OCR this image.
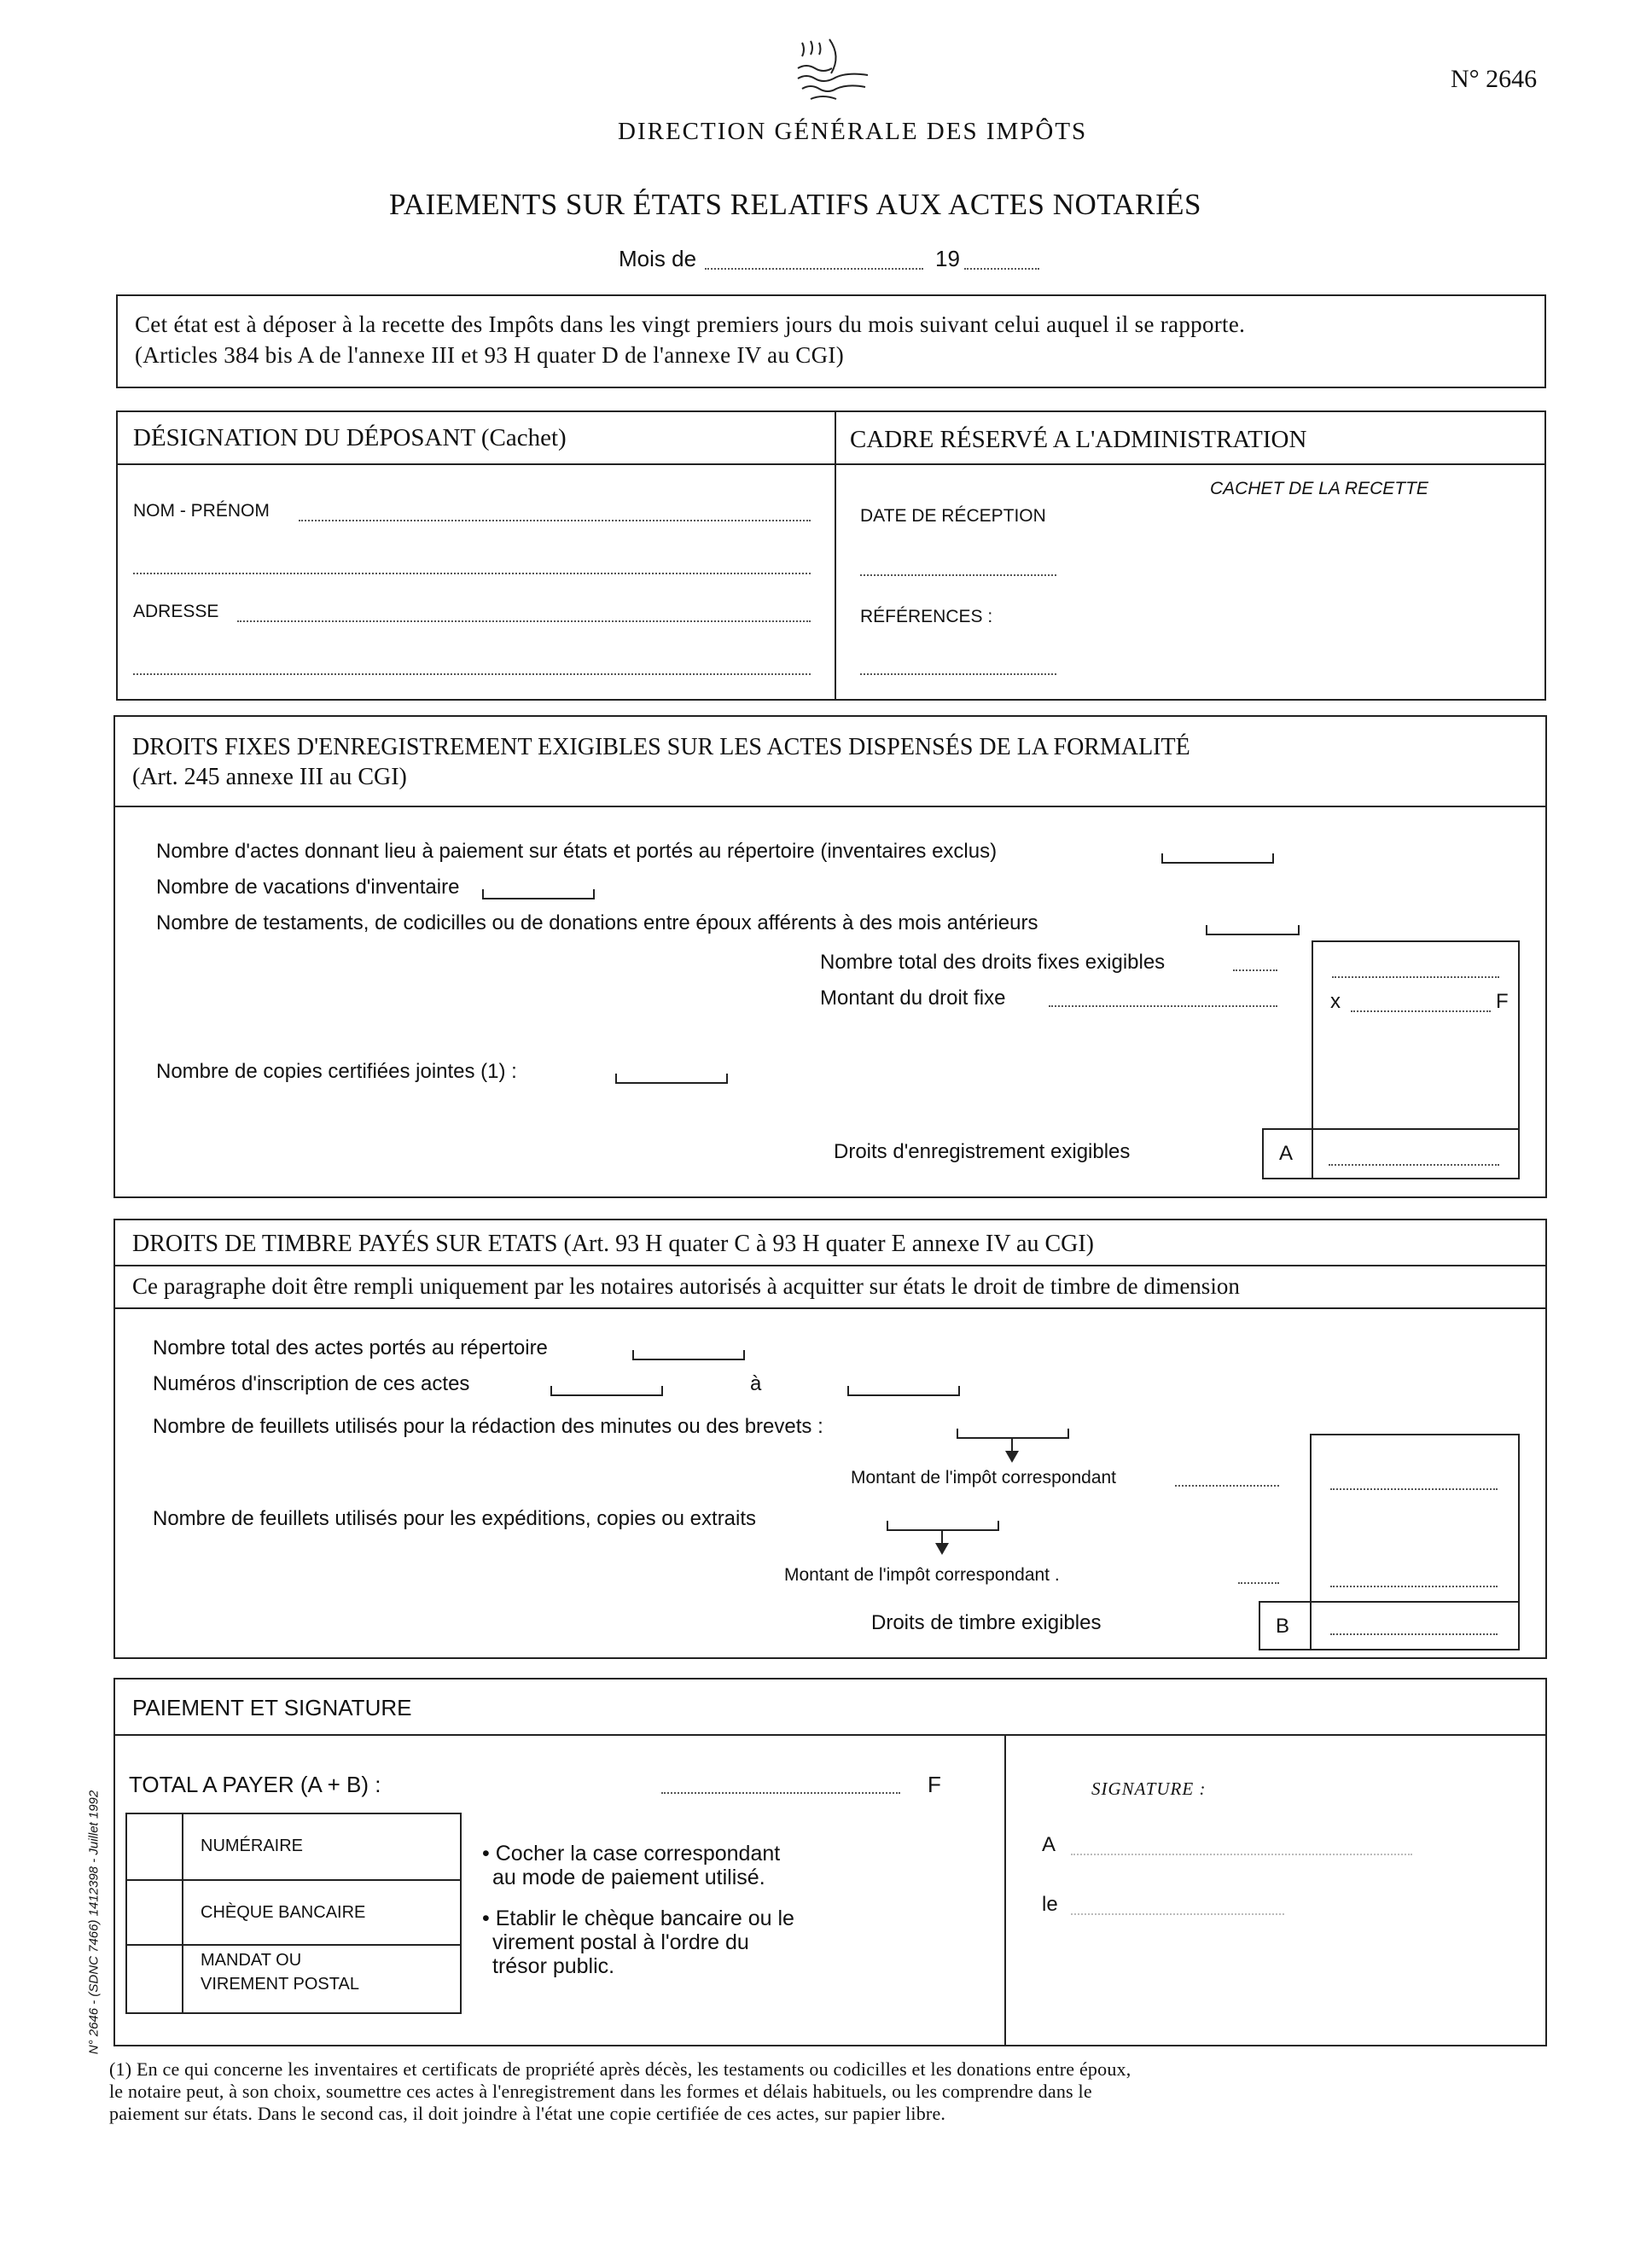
N° 2646
DIRECTION GÉNÉRALE DES IMPÔTS
PAIEMENTS SUR ÉTATS RELATIFS AUX ACTES NOTARIÉS
Mois de	19
Cet état est à déposer à la recette des Impôts dans les vingt premiers jours du mois suivant celui auquel il se rapporte.
(Articles 384 bis A de l'annexe III et 93 H quater D de l'annexe IV au CGI)
DÉSIGNATION DU DÉPOSANT (Cachet)
NOM - PRÉNOM
ADRESSE
CADRE RÉSERVÉ A L'ADMINISTRATION
CACHET DE LA RECETTE
DATE DE RÉCEPTION
RÉFÉRENCES :
DROITS FIXES D'ENREGISTREMENT EXIGIBLES SUR LES ACTES DISPENSÉS DE LA FORMALITÉ
(Art. 245 annexe III au CGI)
Nombre d'actes donnant lieu à paiement sur états et portés au répertoire (inventaires exclus)
Nombre de vacations d'inventaire
Nombre de testaments, de codicilles ou de donations entre époux afférents à des mois antérieurs
Nombre total des droits fixes exigibles
Montant du droit fixe	x	F
Nombre de copies certifiées jointes (1) :
Droits d'enregistrement exigibles	A
DROITS DE TIMBRE PAYÉS SUR ETATS (Art. 93 H quater C à 93 H quater E annexe IV au CGI)
Ce paragraphe doit être rempli uniquement par les notaires autorisés à acquitter sur états le droit de timbre de dimension
Nombre total des actes portés au répertoire
Numéros d'inscription de ces actes	à
Nombre de feuillets utilisés pour la rédaction des minutes ou des brevets :
Montant de l'impôt correspondant
Nombre de feuillets utilisés pour les expéditions, copies ou extraits
Montant de l'impôt correspondant .
Droits de timbre exigibles	B
PAIEMENT ET SIGNATURE
TOTAL A PAYER (A + B) :	F
NUMÉRAIRE
CHÈQUE BANCAIRE
MANDAT OU
VIREMENT POSTAL
• Cocher la case correspondant
au mode de paiement utilisé.
• Etablir le chèque bancaire ou le
virement postal à l'ordre du
trésor public.
SIGNATURE :
A
le
N° 2646 - (SDNC 7466) 1412398 - Juillet 1992
(1) En ce qui concerne les inventaires et certificats de propriété après décès, les testaments ou codicilles et les donations entre époux,
le notaire peut, à son choix, soumettre ces actes à l'enregistrement dans les formes et délais habituels, ou les comprendre dans le
paiement sur états. Dans le second cas, il doit joindre à l'état une copie certifiée de ces actes, sur papier libre.
